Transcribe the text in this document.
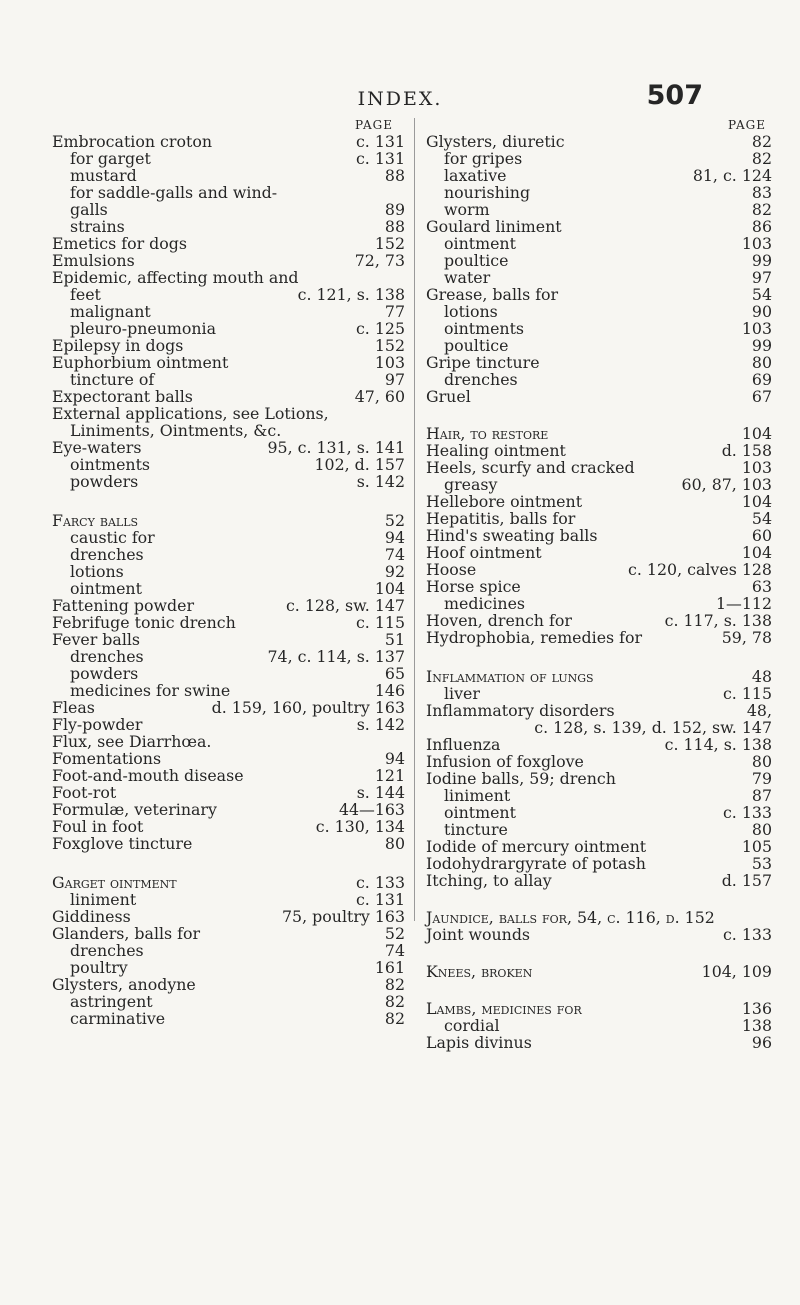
INDEX.	507
PAGE
Embrocation croton	c. 131
for garget	c. 131
mustard	88
for saddle-galls and wind-
galls	89
strains	88
Emetics for dogs	152
Emulsions	72, 73
Epidemic, affecting mouth and
feet	c. 121, s. 138
malignant	77
pleuro-pneumonia	c. 125
Epilepsy in dogs	152
Euphorbium ointment	103
tincture of	97
Expectorant balls	47, 60
External applications, see Lotions, Liniments, Ointments, &c.
Eye-waters	95, c. 131, s. 141
ointments	102, d. 157
powders	s. 142
Farcy balls	52
caustic for	94
drenches	74
lotions	92
ointment	104
Fattening powder	c. 128, sw. 147
Febrifuge tonic drench	c. 115
Fever balls	51
drenches	74, c. 114, s. 137
powders	65
medicines for swine	146
Fleas	d. 159, 160, poultry 163
Fly-powder	s. 142
Flux, see Diarrhœa.
Fomentations	94
Foot-and-mouth disease	121
Foot-rot	s. 144
Formulæ, veterinary	44—163
Foul in foot	c. 130, 134
Foxglove tincture	80
Garget ointment	c. 133
liniment	c. 131
Giddiness	75, poultry 163
Glanders, balls for	52
drenches	74
poultry	161
Glysters, anodyne	82
astringent	82
carminative	82
PAGE
Glysters, diuretic	82
for gripes	82
laxative	81, c. 124
nourishing	83
worm	82
Goulard liniment	86
ointment	103
poultice	99
water	97
Grease, balls for	54
lotions	90
ointments	103
poultice	99
Gripe tincture	80
drenches	69
Gruel	67
Hair, to restore	104
Healing ointment	d. 158
Heels, scurfy and cracked	103
greasy	60, 87, 103
Hellebore ointment	104
Hepatitis, balls for	54
Hind's sweating balls	60
Hoof ointment	104
Hoose	c. 120, calves 128
Horse spice	63
medicines	1—112
Hoven, drench for	c. 117, s. 138
Hydrophobia, remedies for	59, 78
Inflammation of lungs	48
liver	c. 115
Inflammatory disorders	48,
c. 128, s. 139, d. 152, sw. 147
Influenza	c. 114, s. 138
Infusion of foxglove	80
Iodine balls, 59; drench	79
liniment	87
ointment	c. 133
tincture	80
Iodide of mercury ointment	105
Iodohydrargyrate of potash	53
Itching, to allay	d. 157
Jaundice, balls for, 54, c. 116, d. 152
Joint wounds	c. 133
Knees, broken	104, 109
Lambs, medicines for	136
cordial	138
Lapis divinus	96
